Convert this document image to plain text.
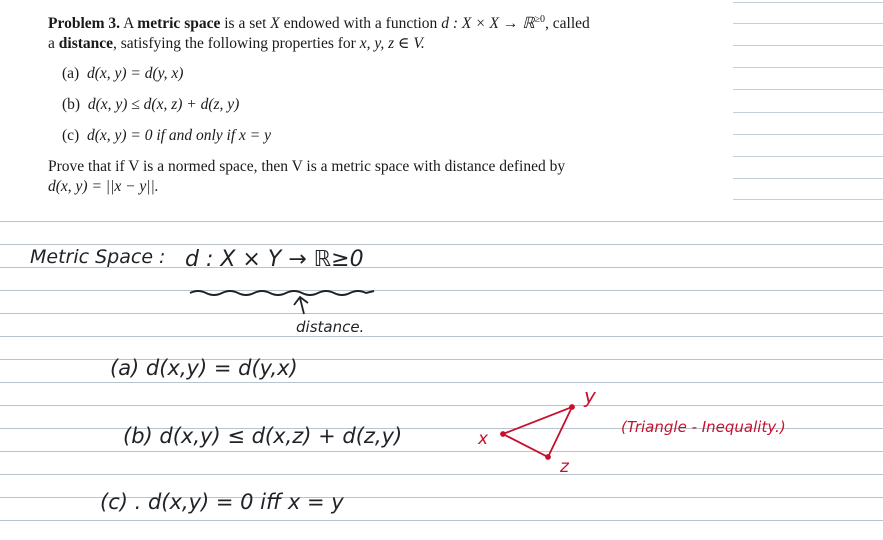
Problem 3. A metric space is a set X endowed with a function d : X × X → ℝ$^{\ge 0}$, called

a distance, satisfying the following properties for x, y, z ∈ V.

(a) d(x, y) = d(y, x)
(b) d(x, y) ≤ d(x, z) + d(z, y)
(c) d(x, y) = 0 if and only if x = y

Prove that if V is a normed space, then V is a metric space with distance defined by
d(x, y) = ||x − y||.

Metric Space : d : X × Y → ℝ≥0
distance.
(a) d(x,y) = d(y,x)
(b) d(x,y) ≤ d(x,z) + d(z,y)
(c) . d(x,y) = 0 iff x = y
x
y
z
(Triangle - Inequality.)
